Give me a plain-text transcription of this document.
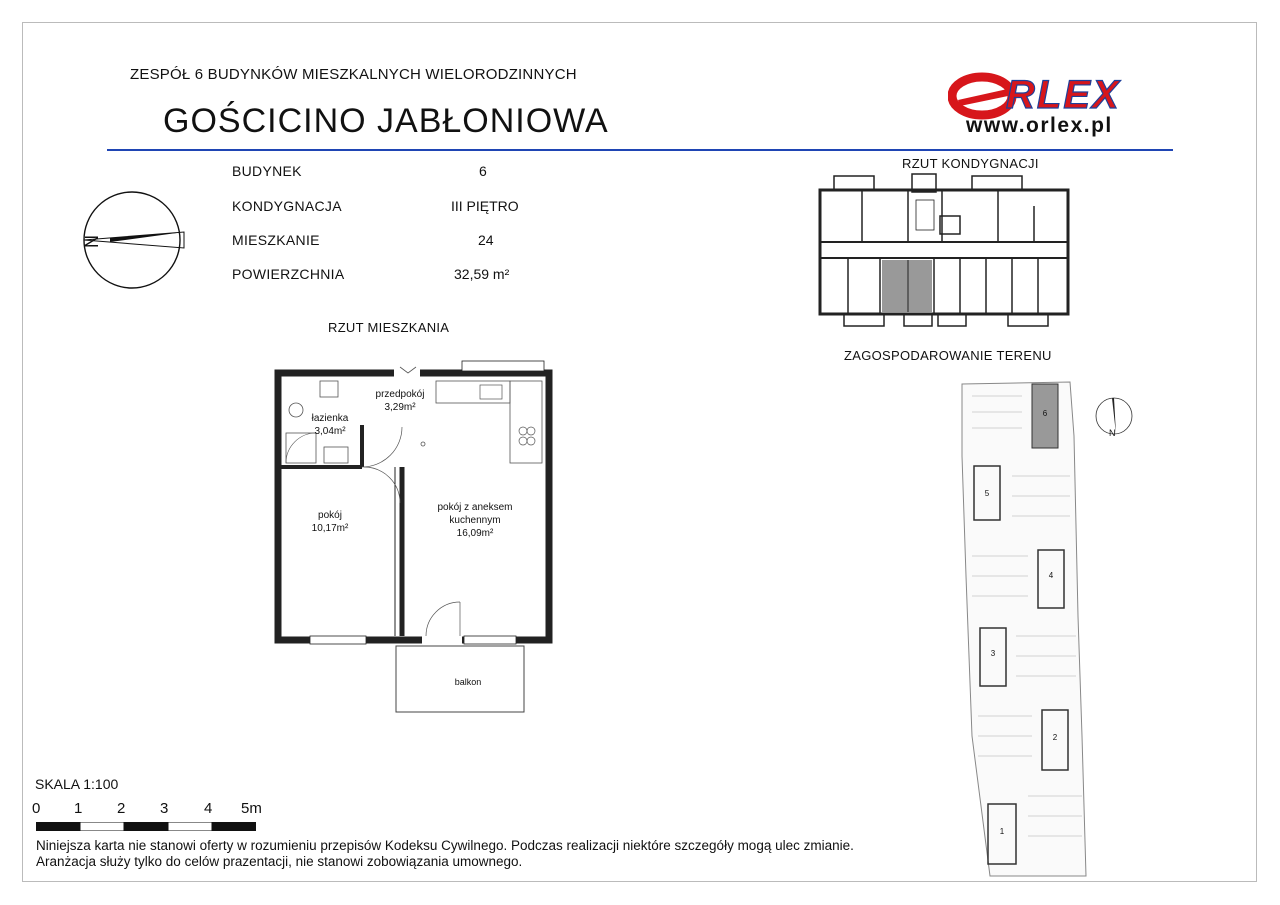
ZESPÓŁ 6 BUDYNKÓW MIESZKALNYCH WIELORODZINNYCH
GOŚCICINO JABŁONIOWA
RLEX
www.orlex.pl
BUDYNEK	6
KONDYGNACJA	III PIĘTRO
MIESZKANIE	24
POWIERZCHNIA	32,59 m²
N
RZUT MIESZKANIA
RZUT KONDYGNACJI
ZAGOSPODAROWANIE TERENU
przedpokój
3,29m²
łazienka
3,04m²
pokój
10,17m²
pokój z aneksem kuchennym
16,09m²
balkon
6
5
4
3
2
1
N
SKALA 1:100
0 1 2 3 4 5m
Niniejsza karta nie stanowi oferty w rozumieniu przepisów Kodeksu Cywilnego. Podczas realizacji niektóre szczegóły mogą ulec zmianie.
Aranżacja służy tylko do celów prazentacji, nie stanowi zobowiązania umownego.
